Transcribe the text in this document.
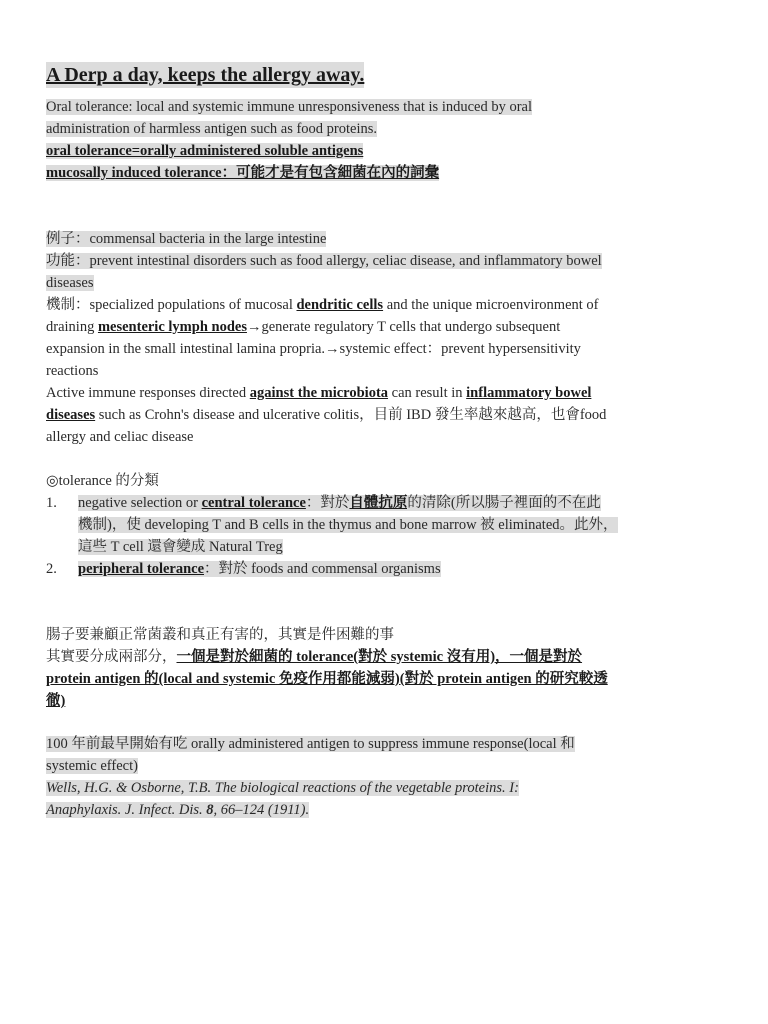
A Derp a day, keeps the allergy away.
Oral tolerance: local and systemic immune unresponsiveness that is induced by oral
administration of harmless antigen such as food proteins.
oral tolerance=orally administered soluble antigens
mucosally induced tolerance：可能才是有包含細菌在內的詞彙
例子：commensal bacteria in the large intestine
功能：prevent intestinal disorders such as food allergy, celiac disease, and inflammatory bowel
diseases
機制：specialized populations of mucosal dendritic cells and the unique microenvironment of
draining mesenteric lymph nodes→generate regulatory T cells that undergo subsequent
expansion in the small intestinal lamina propria.→systemic effect：prevent hypersensitivity
reactions
Active immune responses directed against the microbiota can result in inflammatory bowel
diseases such as Crohn's disease and ulcerative colitis，目前 IBD 發生率越來越高，也會food
allergy and celiac disease
◎tolerance 的分類
1. negative selection or central tolerance：對於自體抗原的清除(所以腸子裡面的不在此
機制)，使 developing T and B cells in the thymus and bone marrow 被 eliminated。此外，
這些 T cell 還會變成 Natural Treg
2. peripheral tolerance：對於 foods and commensal organisms
腸子要兼顧正常菌叢和真正有害的，其實是件困難的事
其實要分成兩部分，一個是對於細菌的 tolerance(對於 systemic 沒有用)，一個是對於
protein antigen 的(local and systemic 免疫作用都能減弱)(對於 protein antigen 的研究較透
徹)
100 年前最早開始有吃 orally administered antigen to suppress immune response(local 和
systemic effect)
Wells, H.G. & Osborne, T.B. The biological reactions of the vegetable proteins. I:
Anaphylaxis. J. Infect. Dis. 8, 66–124 (1911).
